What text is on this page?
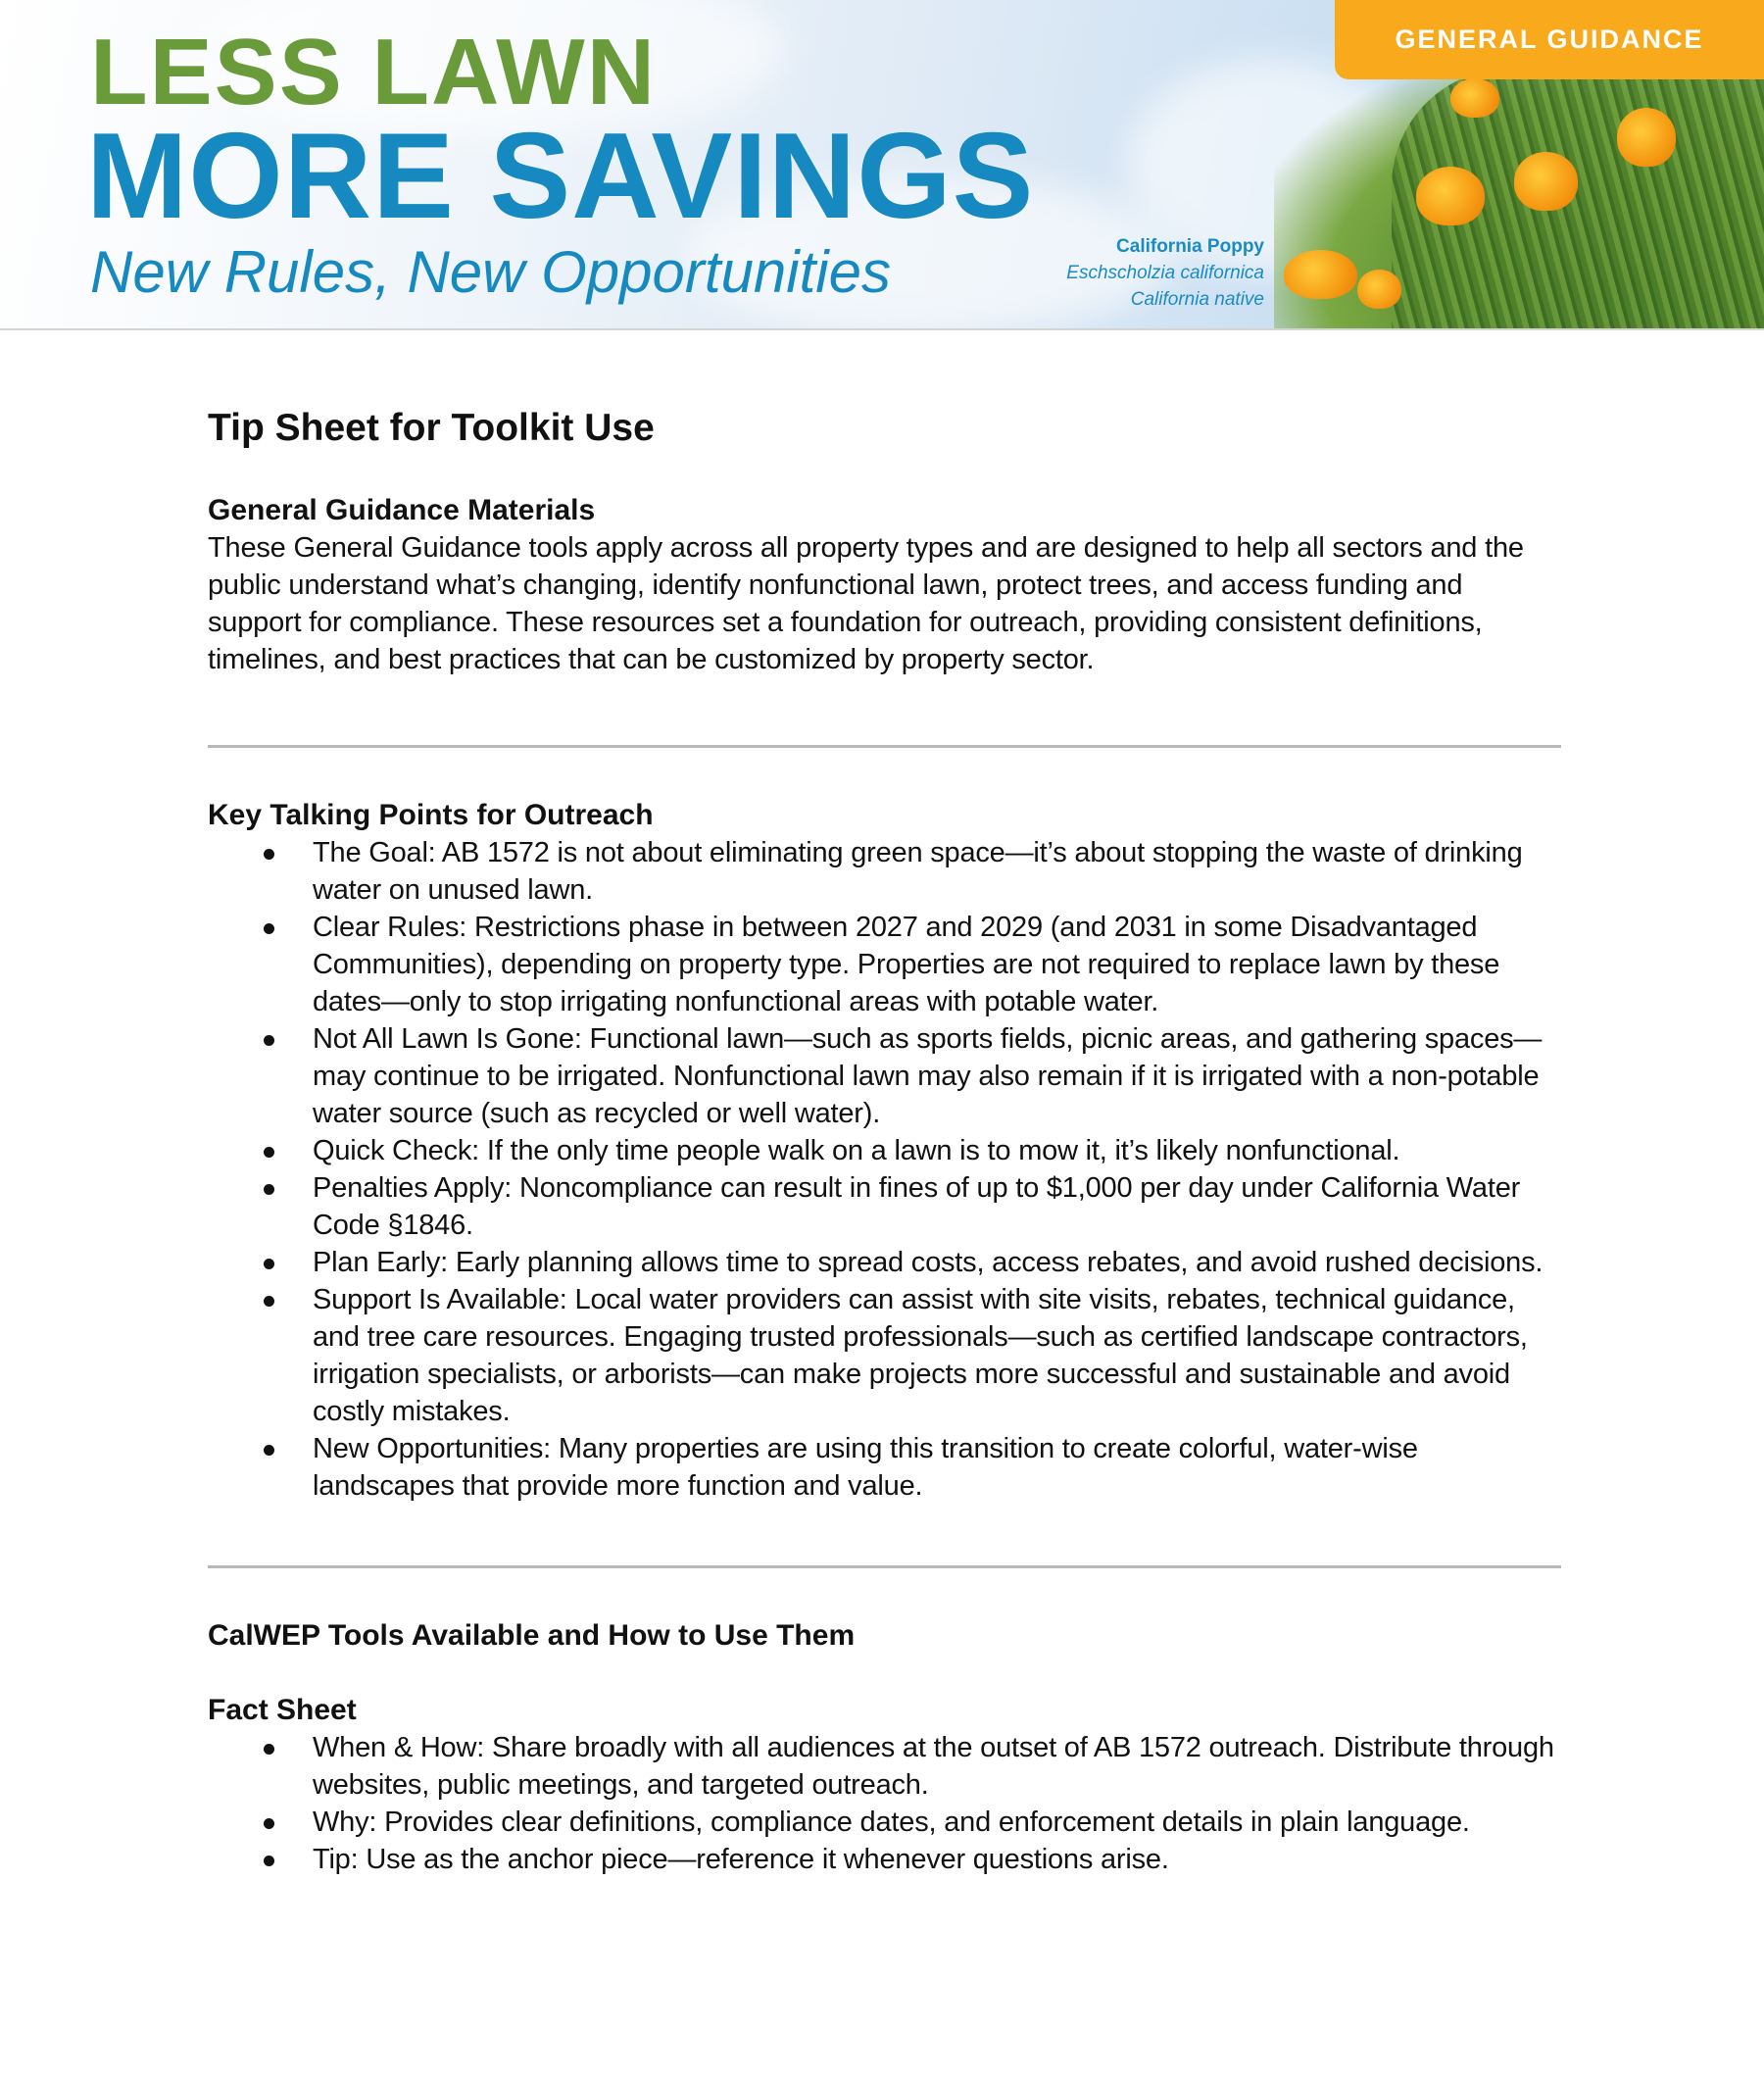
LESS LAWN
MORE SAVINGS
New Rules, New Opportunities	California Poppy
Eschscholzia californica
California native
GENERAL GUIDANCE
Tip Sheet for Toolkit Use
General Guidance Materials

These General Guidance tools apply across all property types and are designed to help all sectors and the public understand what’s changing, identify nonfunctional lawn, protect trees, and access funding and support for compliance. These resources set a foundation for outreach, providing consistent definitions, timelines, and best practices that can be customized by property sector.

Key Talking Points for Outreach
The Goal: AB 1572 is not about eliminating green space—it’s about stopping the waste of drinking water on unused lawn.
Clear Rules: Restrictions phase in between 2027 and 2029 (and 2031 in some Disadvantaged Communities), depending on property type. Properties are not required to replace lawn by these dates—only to stop irrigating nonfunctional areas with potable water.
Not All Lawn Is Gone: Functional lawn—such as sports fields, picnic areas, and gathering spaces—may continue to be irrigated. Nonfunctional lawn may also remain if it is irrigated with a non-potable water source (such as recycled or well water).
Quick Check: If the only time people walk on a lawn is to mow it, it’s likely nonfunctional.
Penalties Apply: Noncompliance can result in fines of up to $1,000 per day under California Water Code §1846.
Plan Early: Early planning allows time to spread costs, access rebates, and avoid rushed decisions.
Support Is Available: Local water providers can assist with site visits, rebates, technical guidance, and tree care resources. Engaging trusted professionals—such as certified landscape contractors, irrigation specialists, or arborists—can make projects more successful and sustainable and avoid costly mistakes.
New Opportunities: Many properties are using this transition to create colorful, water-wise landscapes that provide more function and value.
CalWEP Tools Available and How to Use Them
Fact Sheet
When & How: Share broadly with all audiences at the outset of AB 1572 outreach. Distribute through websites, public meetings, and targeted outreach.
Why: Provides clear definitions, compliance dates, and enforcement details in plain language.
Tip: Use as the anchor piece—reference it whenever questions arise.
